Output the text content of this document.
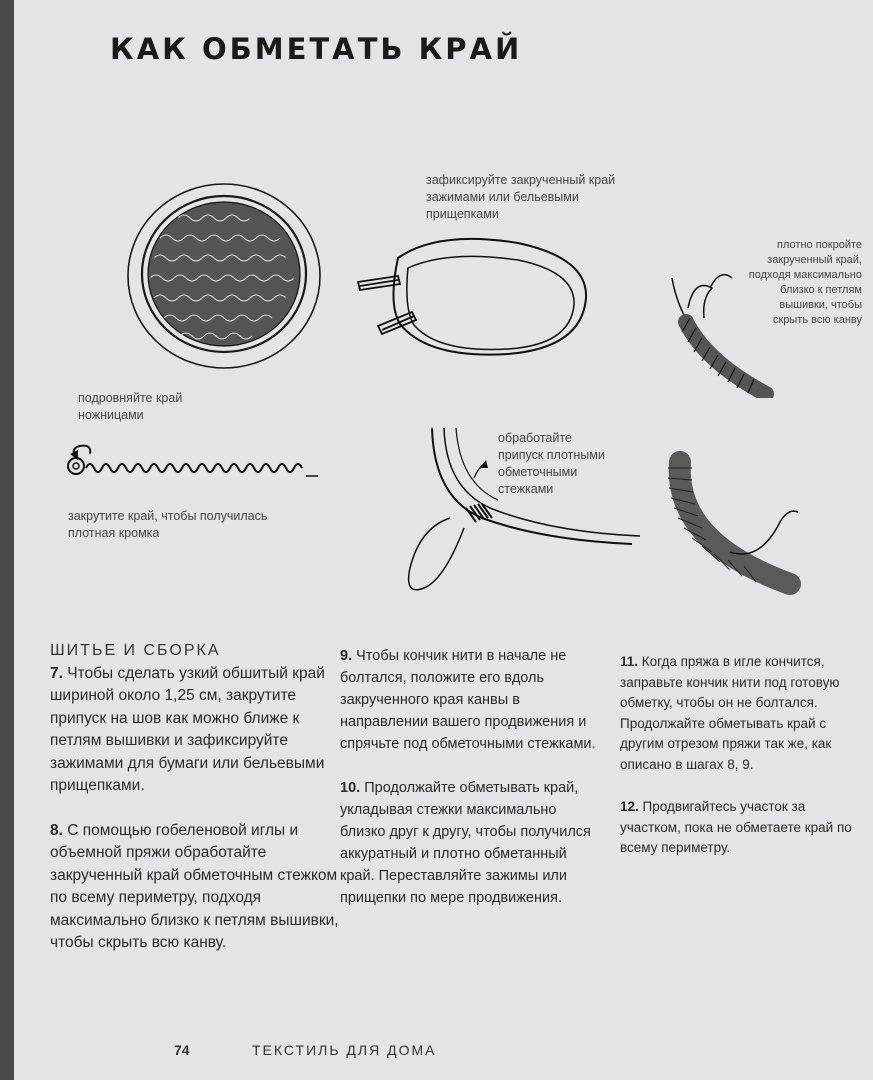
КАК ОБМЕТАТЬ КРАЙ
подровняйте край ножницами
закрутите край, чтобы получилась плотная кромка
зафиксируйте закрученный край зажимами или бельевыми прищепками
плотно покройте закрученный край, подходя максимально близко к петлям вышивки, чтобы скрыть всю канву
обработайте припуск плотными обметочными стежками
ШИТЬЕ И СБОРКА

7. Чтобы сделать узкий обшитый край шириной около 1,25 см, закрутите припуск на шов как можно ближе к петлям вышивки и зафиксируйте зажимами для бумаги или бельевыми прищепками.

8. С помощью гобеленовой иглы и объемной пряжи обработайте закрученный край обметочным стежком по всему периметру, подходя максимально близко к петлям вышивки, чтобы скрыть всю канву.

9. Чтобы кончик нити в начале не болтался, положите его вдоль закрученного края канвы в направлении вашего продвижения и спрячьте под обметочными стежками.

10. Продолжайте обметывать край, укладывая стежки максимально близко друг к другу, чтобы получился аккуратный и плотно обметанный край. Переставляйте зажимы или прищепки по мере продвижения.

11. Когда пряжа в игле кончится, заправьте кончик нити под готовую обметку, чтобы он не болтался. Продолжайте обметывать край с другим отрезом пряжи так же, как описано в шагах 8, 9.

12. Продвигайтесь участок за участком, пока не обметаете край по всему периметру.

74	ТЕКСТИЛЬ ДЛЯ ДОМА
